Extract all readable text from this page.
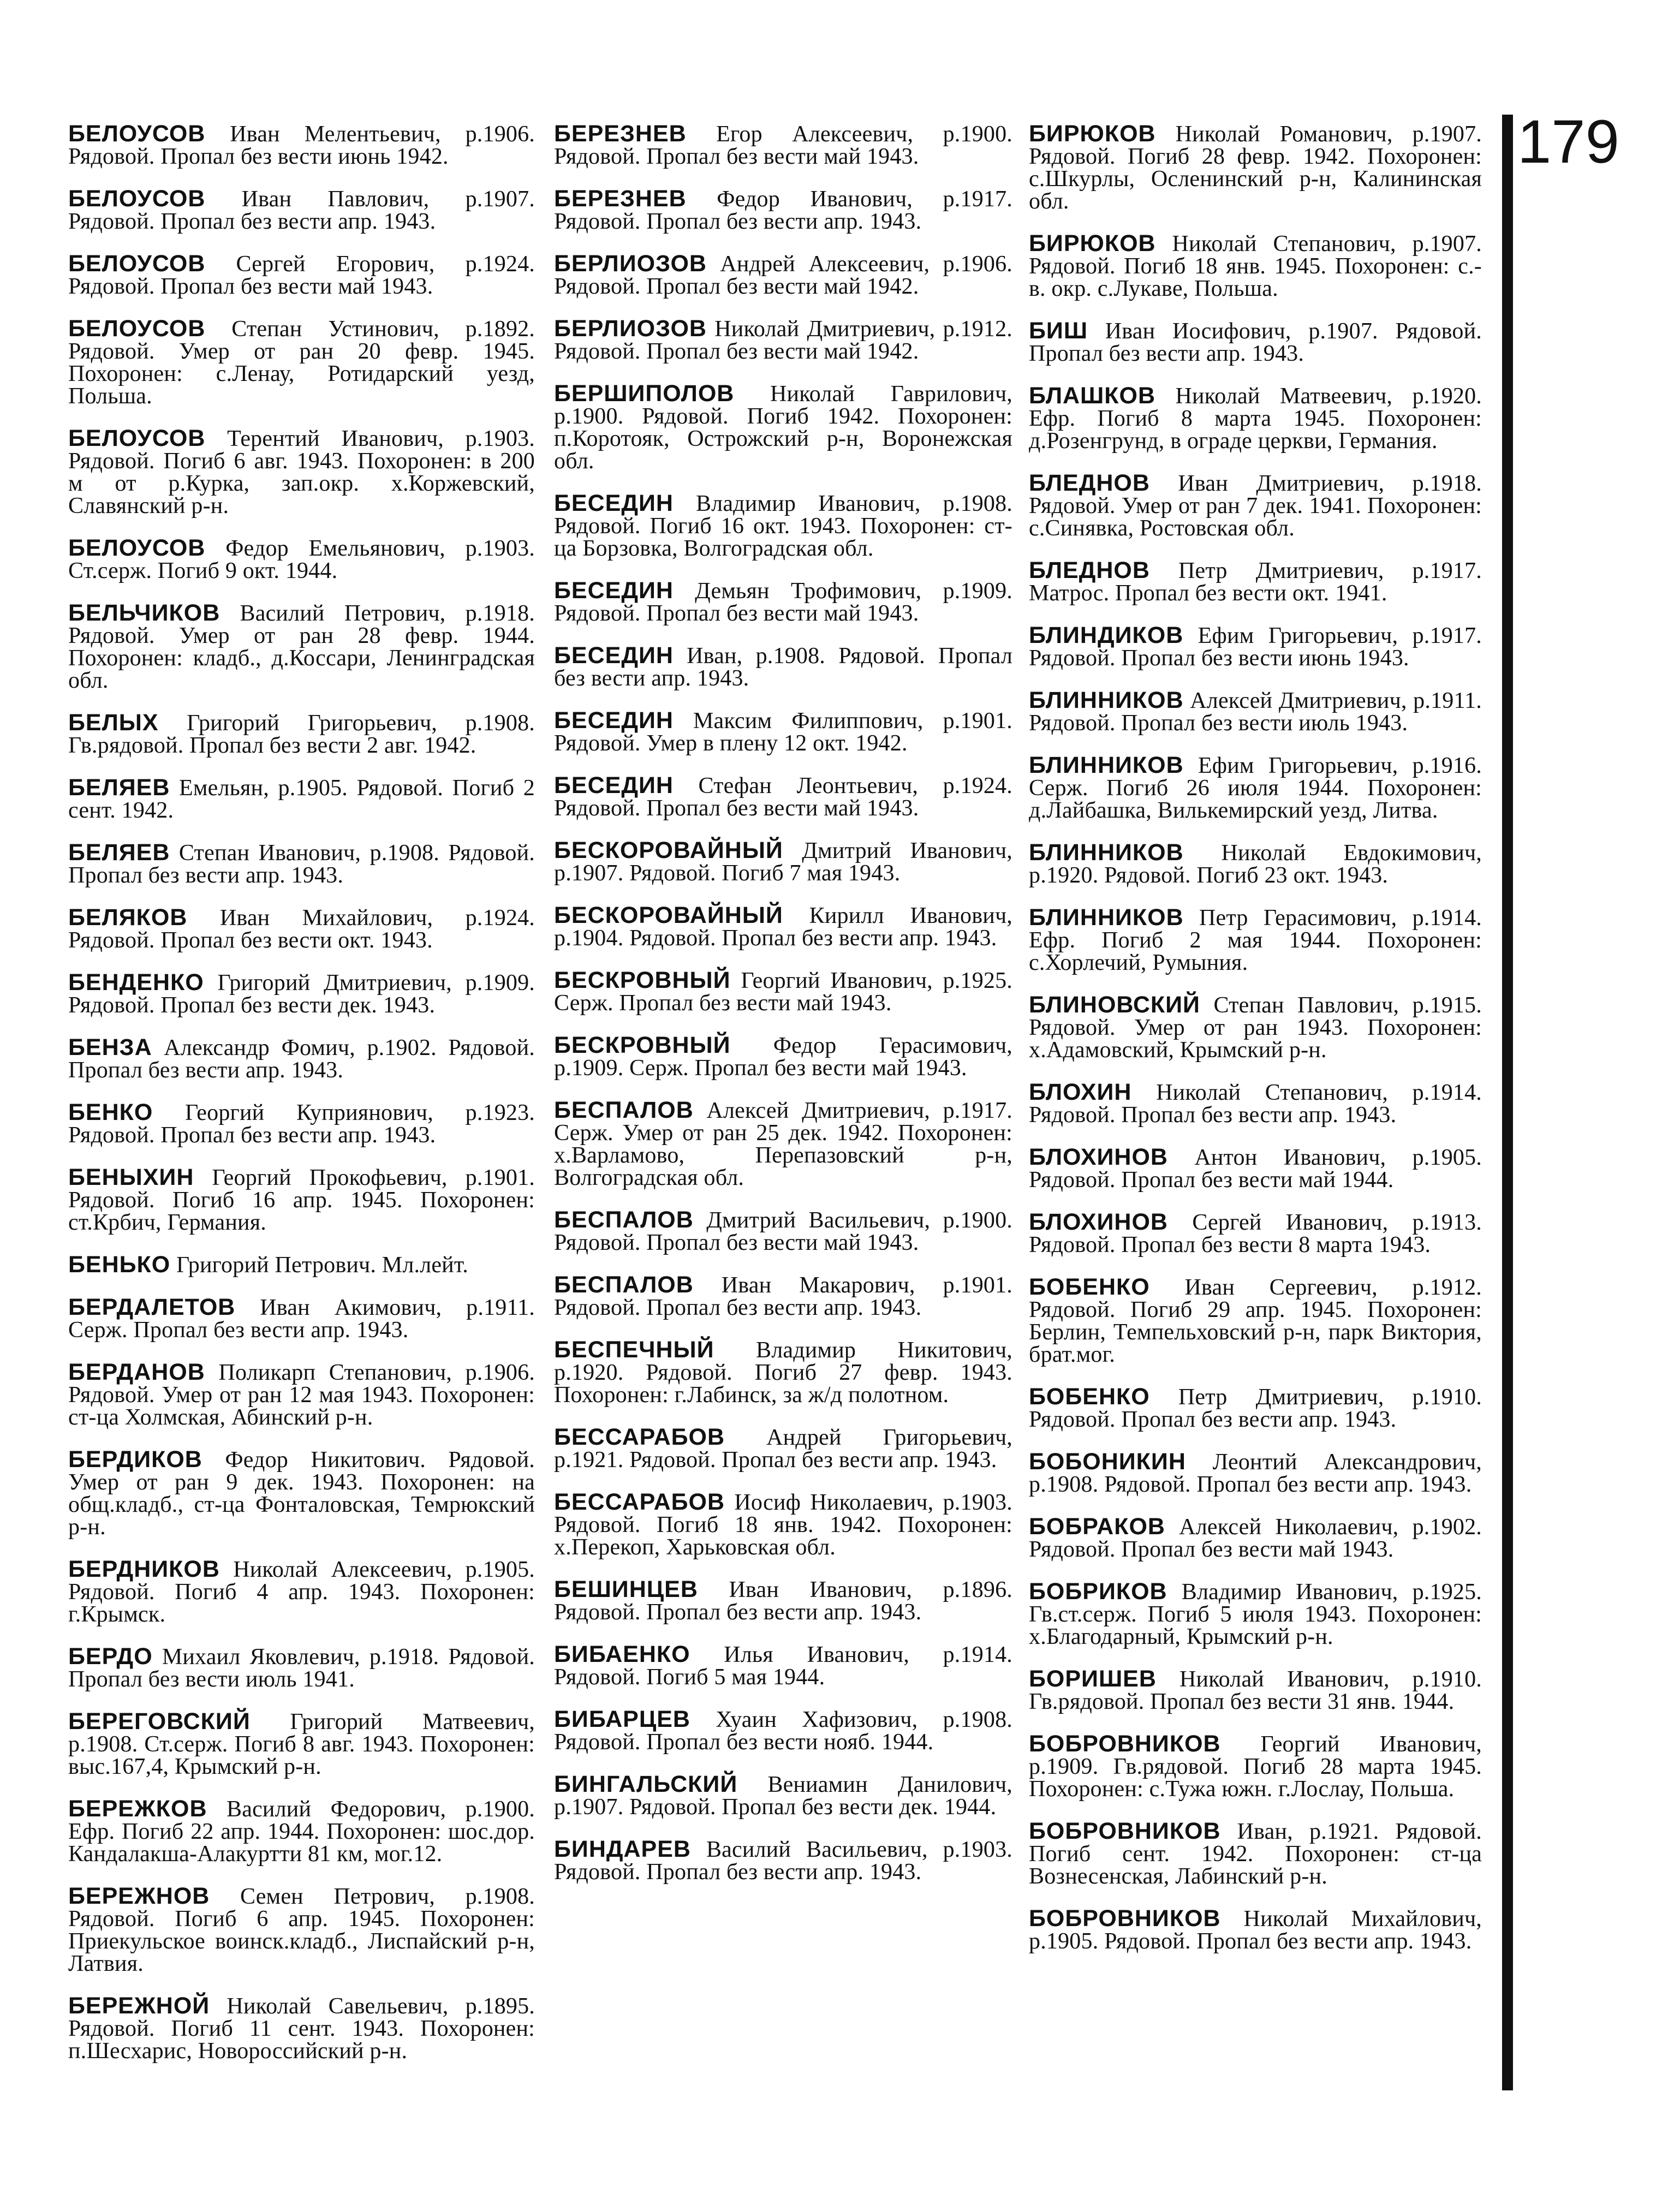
БЕЛОУСОВ Иван Мелентьевич, р.1906. Рядовой. Пропал без вести июнь 1942.
БЕЛОУСОВ Иван Павлович, р.1907. Рядовой. Пропал без вести апр. 1943.
БЕЛОУСОВ Сергей Егорович, р.1924. Рядовой. Пропал без вести май 1943.
БЕЛОУСОВ Степан Устинович, р.1892. Рядовой. Умер от ран 20 февр. 1945. Похоронен: с.Ленау, Ротидарский уезд, Польша.
БЕЛОУСОВ Терентий Иванович, р.1903. Рядовой. Погиб 6 авг. 1943. Похоронен: в 200 м от р.Курка, зап.окр. х.Коржевский, Славянский р-н.
БЕЛОУСОВ Федор Емельянович, р.1903. Ст.серж. Погиб 9 окт. 1944.
БЕЛЬЧИКОВ Василий Петрович, р.1918. Рядовой. Умер от ран 28 февр. 1944. Похоронен: кладб., д.Коссари, Ленинградская обл.
БЕЛЫХ Григорий Григорьевич, р.1908. Гв.рядовой. Пропал без вести 2 авг. 1942.
БЕЛЯЕВ Емельян, р.1905. Рядовой. Погиб 2 сент. 1942.
БЕЛЯЕВ Степан Иванович, р.1908. Рядовой. Пропал без вести апр. 1943.
БЕЛЯКОВ Иван Михайлович, р.1924. Рядовой. Пропал без вести окт. 1943.
БЕНДЕНКО Григорий Дмитриевич, р.1909. Рядовой. Пропал без вести дек. 1943.
БЕНЗА Александр Фомич, р.1902. Рядовой. Пропал без вести апр. 1943.
БЕНКО Георгий Куприянович, р.1923. Рядовой. Пропал без вести апр. 1943.
БЕНЫХИН Георгий Прокофьевич, р.1901. Рядовой. Погиб 16 апр. 1945. Похоронен: ст.Крбич, Германия.
БЕНЬКО Григорий Петрович. Мл.лейт.
БЕРДАЛЕТОВ Иван Акимович, р.1911. Серж. Пропал без вести апр. 1943.
БЕРДАНОВ Поликарп Степанович, р.1906. Рядовой. Умер от ран 12 мая 1943. Похоронен: ст-ца Холмская, Абинский р-н.
БЕРДИКОВ Федор Никитович. Рядовой. Умер от ран 9 дек. 1943. Похоронен: на общ.кладб., ст-ца Фонталовская, Темрюкский р-н.
БЕРДНИКОВ Николай Алексеевич, р.1905. Рядовой. Погиб 4 апр. 1943. Похоронен: г.Крымск.
БЕРДО Михаил Яковлевич, р.1918. Рядовой. Пропал без вести июль 1941.
БЕРЕГОВСКИЙ Григорий Матвеевич, р.1908. Ст.серж. Погиб 8 авг. 1943. Похоронен: выс.167,4, Крымский р-н.
БЕРЕЖКОВ Василий Федорович, р.1900. Ефр. Погиб 22 апр. 1944. Похоронен: шос.дор. Кандалакша-Алакуртти 81 км, мог.12.
БЕРЕЖНОВ Семен Петрович, р.1908. Рядовой. Погиб 6 апр. 1945. Похоронен: Приекульское воинск.кладб., Лиспайский р-н, Латвия.
БЕРЕЖНОЙ Николай Савельевич, р.1895. Рядовой. Погиб 11 сент. 1943. Похоронен: п.Шесхарис, Новороссийский р-н.
БЕРЕЗНЕВ Егор Алексеевич, р.1900. Рядовой. Пропал без вести май 1943.
БЕРЕЗНЕВ Федор Иванович, р.1917. Рядовой. Пропал без вести апр. 1943.
БЕРЛИОЗОВ Андрей Алексеевич, р.1906. Рядовой. Пропал без вести май 1942.
БЕРЛИОЗОВ Николай Дмитриевич, р.1912. Рядовой. Пропал без вести май 1942.
БЕРШИПОЛОВ Николай Гаврилович, р.1900. Рядовой. Погиб 1942. Похоронен: п.Коротояк, Острожский р-н, Воронежская обл.
БЕСЕДИН Владимир Иванович, р.1908. Рядовой. Погиб 16 окт. 1943. Похоронен: ст-ца Борзовка, Волгоградская обл.
БЕСЕДИН Демьян Трофимович, р.1909. Рядовой. Пропал без вести май 1943.
БЕСЕДИН Иван, р.1908. Рядовой. Пропал без вести апр. 1943.
БЕСЕДИН Максим Филиппович, р.1901. Рядовой. Умер в плену 12 окт. 1942.
БЕСЕДИН Стефан Леонтьевич, р.1924. Рядовой. Пропал без вести май 1943.
БЕСКОРОВАЙНЫЙ Дмитрий Иванович, р.1907. Рядовой. Погиб 7 мая 1943.
БЕСКОРОВАЙНЫЙ Кирилл Иванович, р.1904. Рядовой. Пропал без вести апр. 1943.
БЕСКРОВНЫЙ Георгий Иванович, р.1925. Серж. Пропал без вести май 1943.
БЕСКРОВНЫЙ Федор Герасимович, р.1909. Серж. Пропал без вести май 1943.
БЕСПАЛОВ Алексей Дмитриевич, р.1917. Серж. Умер от ран 25 дек. 1942. Похоронен: х.Варламово, Перепазовский р-н, Волгоградская обл.
БЕСПАЛОВ Дмитрий Васильевич, р.1900. Рядовой. Пропал без вести май 1943.
БЕСПАЛОВ Иван Макарович, р.1901. Рядовой. Пропал без вести апр. 1943.
БЕСПЕЧНЫЙ Владимир Никитович, р.1920. Рядовой. Погиб 27 февр. 1943. Похоронен: г.Лабинск, за ж/д полотном.
БЕССАРАБОВ Андрей Григорьевич, р.1921. Рядовой. Пропал без вести апр. 1943.
БЕССАРАБОВ Иосиф Николаевич, р.1903. Рядовой. Погиб 18 янв. 1942. Похоронен: х.Перекоп, Харьковская обл.
БЕШИНЦЕВ Иван Иванович, р.1896. Рядовой. Пропал без вести апр. 1943.
БИБАЕНКО Илья Иванович, р.1914. Рядовой. Погиб 5 мая 1944.
БИБАРЦЕВ Хуаин Хафизович, р.1908. Рядовой. Пропал без вести нояб. 1944.
БИНГАЛЬСКИЙ Вениамин Данилович, р.1907. Рядовой. Пропал без вести дек. 1944.
БИНДАРЕВ Василий Васильевич, р.1903. Рядовой. Пропал без вести апр. 1943.
БИРЮКОВ Николай Романович, р.1907. Рядовой. Погиб 28 февр. 1942. Похоронен: с.Шкурлы, Осленинский р-н, Калининская обл.
БИРЮКОВ Николай Степанович, р.1907. Рядовой. Погиб 18 янв. 1945. Похоронен: с.-в. окр. с.Лукаве, Польша.
БИШ Иван Иосифович, р.1907. Рядовой. Пропал без вести апр. 1943.
БЛАШКОВ Николай Матвеевич, р.1920. Ефр. Погиб 8 марта 1945. Похоронен: д.Розенгрунд, в ограде церкви, Германия.
БЛЕДНОВ Иван Дмитриевич, р.1918. Рядовой. Умер от ран 7 дек. 1941. Похоронен: с.Синявка, Ростовская обл.
БЛЕДНОВ Петр Дмитриевич, р.1917. Матрос. Пропал без вести окт. 1941.
БЛИНДИКОВ Ефим Григорьевич, р.1917. Рядовой. Пропал без вести июнь 1943.
БЛИННИКОВ Алексей Дмитриевич, р.1911. Рядовой. Пропал без вести июль 1943.
БЛИННИКОВ Ефим Григорьевич, р.1916. Серж. Погиб 26 июля 1944. Похоронен: д.Лайбашка, Вилькемирский уезд, Литва.
БЛИННИКОВ Николай Евдокимович, р.1920. Рядовой. Погиб 23 окт. 1943.
БЛИННИКОВ Петр Герасимович, р.1914. Ефр. Погиб 2 мая 1944. Похоронен: с.Хорлечий, Румыния.
БЛИНОВСКИЙ Степан Павлович, р.1915. Рядовой. Умер от ран 1943. Похоронен: х.Адамовский, Крымский р-н.
БЛОХИН Николай Степанович, р.1914. Рядовой. Пропал без вести апр. 1943.
БЛОХИНОВ Антон Иванович, р.1905. Рядовой. Пропал без вести май 1944.
БЛОХИНОВ Сергей Иванович, р.1913. Рядовой. Пропал без вести 8 марта 1943.
БОБЕНКО Иван Сергеевич, р.1912. Рядовой. Погиб 29 апр. 1945. Похоронен: Берлин, Темпельховский р-н, парк Виктория, брат.мог.
БОБЕНКО Петр Дмитриевич, р.1910. Рядовой. Пропал без вести апр. 1943.
БОБОНИКИН Леонтий Александрович, р.1908. Рядовой. Пропал без вести апр. 1943.
БОБРАКОВ Алексей Николаевич, р.1902. Рядовой. Пропал без вести май 1943.
БОБРИКОВ Владимир Иванович, р.1925. Гв.ст.серж. Погиб 5 июля 1943. Похоронен: х.Благодарный, Крымский р-н.
БОРИШЕВ Николай Иванович, р.1910. Гв.рядовой. Пропал без вести 31 янв. 1944.
БОБРОВНИКОВ Георгий Иванович, р.1909. Гв.рядовой. Погиб 28 марта 1945. Похоронен: с.Тужа южн. г.Лослау, Польша.
БОБРОВНИКОВ Иван, р.1921. Рядовой. Погиб сент. 1942. Похоронен: ст-ца Вознесенская, Лабинский р-н.
БОБРОВНИКОВ Николай Михайлович, р.1905. Рядовой. Пропал без вести апр. 1943.
179
